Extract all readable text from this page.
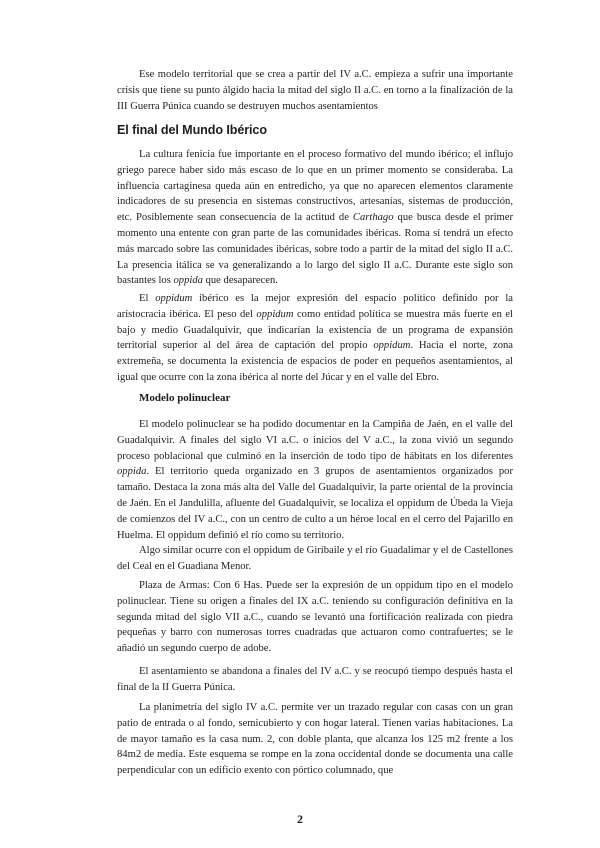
Ese modelo territorial que se crea a partir del IV a.C. empieza a sufrir una importante crisis que tiene su punto álgido hacia la mitad del siglo II a.C. en torno a la finalización de la III Guerra Púnica cuando se destruyen muchos asentamientos

El final del Mundo Ibérico

La cultura fenicia fue importante en el proceso formativo del mundo ibérico; el influjo griego parece haber sido más escaso de lo que en un primer momento se consideraba. La influencia cartaginesa queda aún en entredicho, ya que no aparecen elementos claramente indicadores de su presencia en sistemas constructivos, artesanías, sistemas de producción, etc. Posiblemente sean consecuencia de la actitud de Carthago que busca desde el primer momento una entente con gran parte de las comunidades ibéricas. Roma sí tendrá un efecto más marcado sobre las comunidades ibéricas, sobre todo a partir de la mitad del siglo II a.C. La presencia itálica se va generalizando a lo largo del siglo II a.C. Durante este siglo son bastantes los oppida que desaparecen.

El oppidum ibérico es la mejor expresión del espacio político definido por la aristocracia ibérica. El peso del oppidum como entidad política se muestra más fuerte en el bajo y medio Guadalquivir, que indicarían la existencia de un programa de expansión territorial superior al del área de captación del propio oppidum. Hacia el norte, zona extremeña, se documenta la existencia de espacios de poder en pequeños asentamientos, al igual que ocurre con la zona ibérica al norte del Júcar y en el valle del Ebro.

Modelo polinuclear

El modelo polinuclear se ha podido documentar en la Campiña de Jaén, en el valle del Guadalquivir. A finales del siglo VI a.C. o inicios del V a.C., la zona vivió un segundo proceso poblacional que culminó en la inserción de todo tipo de hábitats en los diferentes oppida. El territorio queda organizado en 3 grupos de asentamientos organizados por tamaño. Destaca la zona más alta del Valle del Guadalquivir, la parte oriental de la provincia de Jaén. En el Jandulilla, afluente del Guadalquivir, se localiza el oppidum de Úbeda la Vieja de comienzos del IV a.C., con un centro de culto a un héroe local en el cerro del Pajarillo en Huelma. El oppidum definió el río como su territorio.

Algo similar ocurre con el oppidum de Giribaile y el río Guadalimar y el de Castellones del Ceal en el Guadiana Menor.

Plaza de Armas: Con 6 Has. Puede ser la expresión de un oppidum tipo en el modelo polinuclear. Tiene su origen a finales del IX a.C. teniendo su configuración definitiva en la segunda mitad del siglo VII a.C., cuando se levantó una fortificación realizada con piedra pequeñas y barro con numerosas torres cuadradas que actuaron como contrafuertes; se le añadió un segundo cuerpo de adobe.

El asentamiento se abandona a finales del IV a.C. y se reocupó tiempo después hasta el final de la II Guerra Púnica.

La planimetría del siglo IV a.C. permite ver un trazado regular con casas con un gran patio de entrada o al fondo, semicubierto y con hogar lateral. Tienen varias habitaciones. La de mayor tamaño es la casa num. 2, con doble planta, que alcanza los 125 m2 frente a los 84m2 de media. Este esquema se rompe en la zona occidental donde se documenta una calle perpendicular con un edificio exento con pórtico columnado, que

2
